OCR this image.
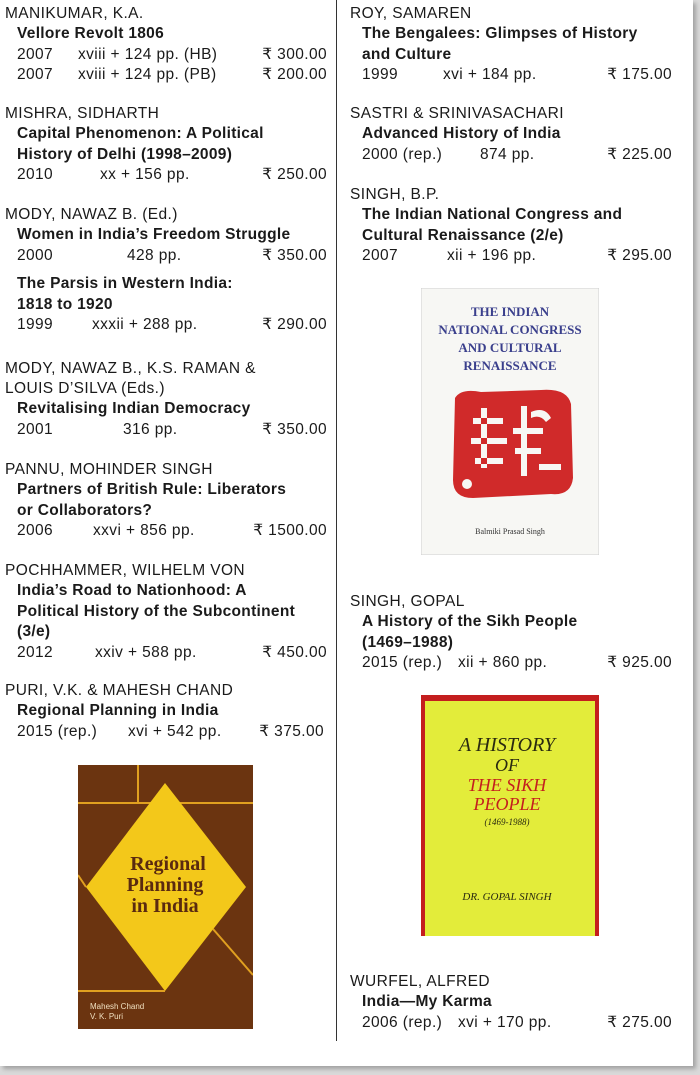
MANIKUMAR, K.A.
Vellore Revolt 1806
2007 xviii + 124 pp. (HB)	₹ 300.00
2007 xviii + 124 pp. (PB)	₹ 200.00
MISHRA, SIDHARTH
Capital Phenomenon: A Political
History of Delhi (1998–2009)
2010	xx + 156 pp.	₹ 250.00
MODY, NAWAZ B. (Ed.)
Women in India’s Freedom Struggle
2000	428 pp.	₹ 350.00
The Parsis in Western India:
1818 to 1920
1999	xxxii + 288 pp.	₹ 290.00
MODY, NAWAZ B., K.S. RAMAN &
LOUIS D’SILVA (Eds.)
Revitalising Indian Democracy
2001	316 pp.	₹ 350.00
PANNU, MOHINDER SINGH
Partners of British Rule: Liberators
or Collaborators?
2006	xxvi + 856 pp.	₹ 1500.00
POCHHAMMER, WILHELM VON
India’s Road to Nationhood: A
Political History of the Subcontinent
(3/e)
2012	xxiv + 588 pp.	₹ 450.00
PURI, V.K. & MAHESH CHAND
Regional Planning in India
2015 (rep.) xvi + 542 pp. ₹ 375.00
Regional
Planning
in India
Mahesh Chand
V. K. Puri
ROY, SAMAREN
The Bengalees: Glimpses of History
and Culture
1999	xvi + 184 pp.	₹ 175.00
SASTRI & SRINIVASACHARI
Advanced History of India
2000 (rep.) 874 pp.	₹ 225.00
SINGH, B.P.
The Indian National Congress and
Cultural Renaissance (2/e)
2007	xii + 196 pp.	₹ 295.00
SINGH, GOPAL
A History of the Sikh People
(1469–1988)
2015 (rep.) xii + 860 pp.	₹ 925.00
WURFEL, ALFRED
India—My Karma
2006 (rep.) xvi + 170 pp.	₹ 275.00
THE INDIAN
NATIONAL CONGRESS
AND CULTURAL
RENAISSANCE
Balmiki Prasad Singh
A HISTORY
OF
THE SIKH
PEOPLE
(1469-1988)
DR. GOPAL SINGH
